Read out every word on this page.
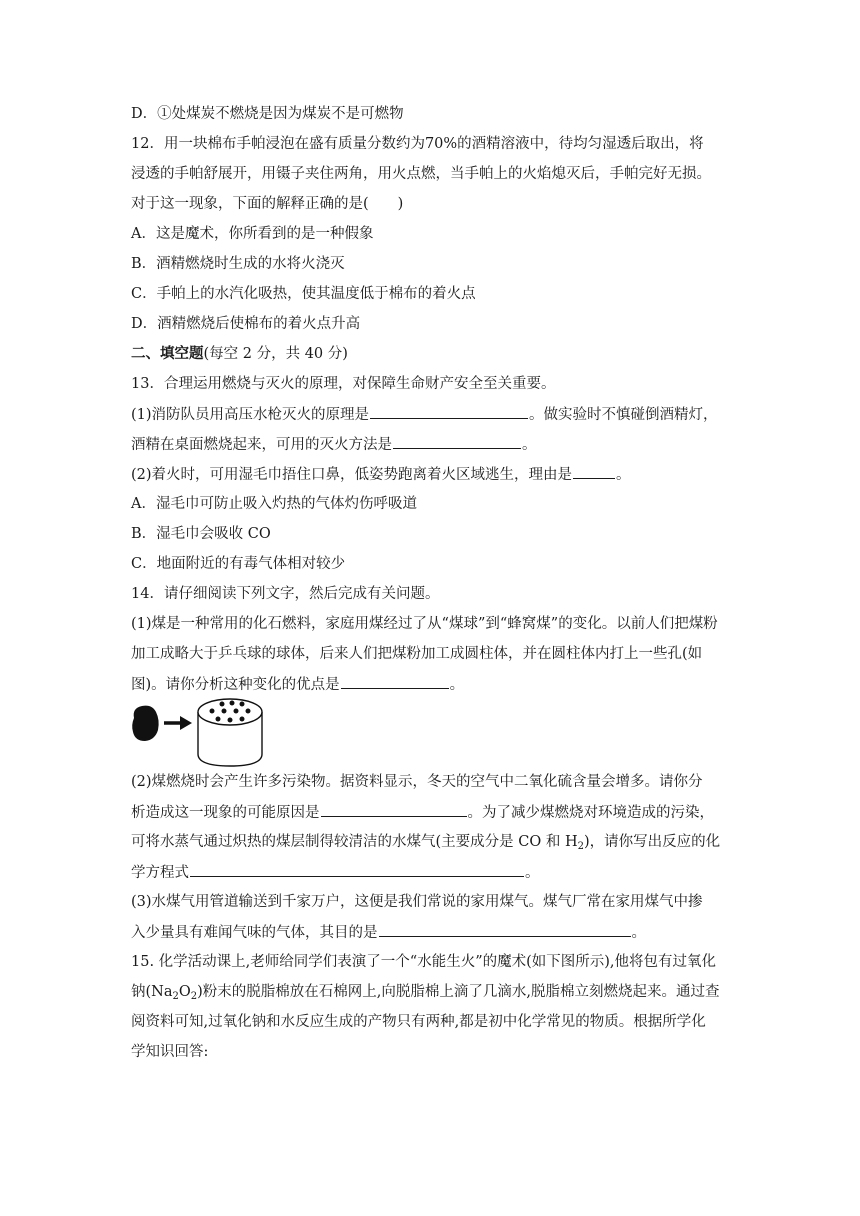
D．①处煤炭不燃烧是因为煤炭不是可燃物
12．用一块棉布手帕浸泡在盛有质量分数约为70%的酒精溶液中，待均匀湿透后取出，将
浸透的手帕舒展开，用镊子夹住两角，用火点燃，当手帕上的火焰熄灭后，手帕完好无损。
对于这一现象，下面的解释正确的是(　　)
A．这是魔术，你所看到的是一种假象
B．酒精燃烧时生成的水将火浇灭
C．手帕上的水汽化吸热，使其温度低于棉布的着火点
D．酒精燃烧后使棉布的着火点升高
二、填空题(每空 2 分，共 40 分)
13．合理运用燃烧与灭火的原理，对保障生命财产安全至关重要。
(1)消防队员用高压水枪灭火的原理是	。做实验时不慎碰倒酒精灯，
酒精在桌面燃烧起来，可用的灭火方法是	。
(2)着火时，可用湿毛巾捂住口鼻，低姿势跑离着火区域逃生，理由是	。
A．湿毛巾可防止吸入灼热的气体灼伤呼吸道
B．湿毛巾会吸收 CO
C．地面附近的有毒气体相对较少
14．请仔细阅读下列文字，然后完成有关问题。
(1)煤是一种常用的化石燃料，家庭用煤经过了从“煤球”到“蜂窝煤”的变化。以前人们把煤粉
加工成略大于乒乓球的球体，后来人们把煤粉加工成圆柱体，并在圆柱体内打上一些孔(如
图)。请你分析这种变化的优点是	。
(2)煤燃烧时会产生许多污染物。据资料显示，冬天的空气中二氧化硫含量会增多。请你分
析造成这一现象的可能原因是	。为了减少煤燃烧对环境造成的污染，
可将水蒸气通过炽热的煤层制得较清洁的水煤气(主要成分是 CO 和 $H_2$)，请你写出反应的化
学方程式	。
(3)水煤气用管道输送到千家万户，这便是我们常说的家用煤气。煤气厂常在家用煤气中掺
入少量具有难闻气味的气体，其目的是	。
15. 化学活动课上,老师给同学们表演了一个“水能生火”的魔术(如下图所示),他将包有过氧化
钠$(Na_2O_2)$粉末的脱脂棉放在石棉网上,向脱脂棉上滴了几滴水,脱脂棉立刻燃烧起来。通过查
阅资料可知,过氧化钠和水反应生成的产物只有两种,都是初中化学常见的物质。根据所学化
学知识回答:
